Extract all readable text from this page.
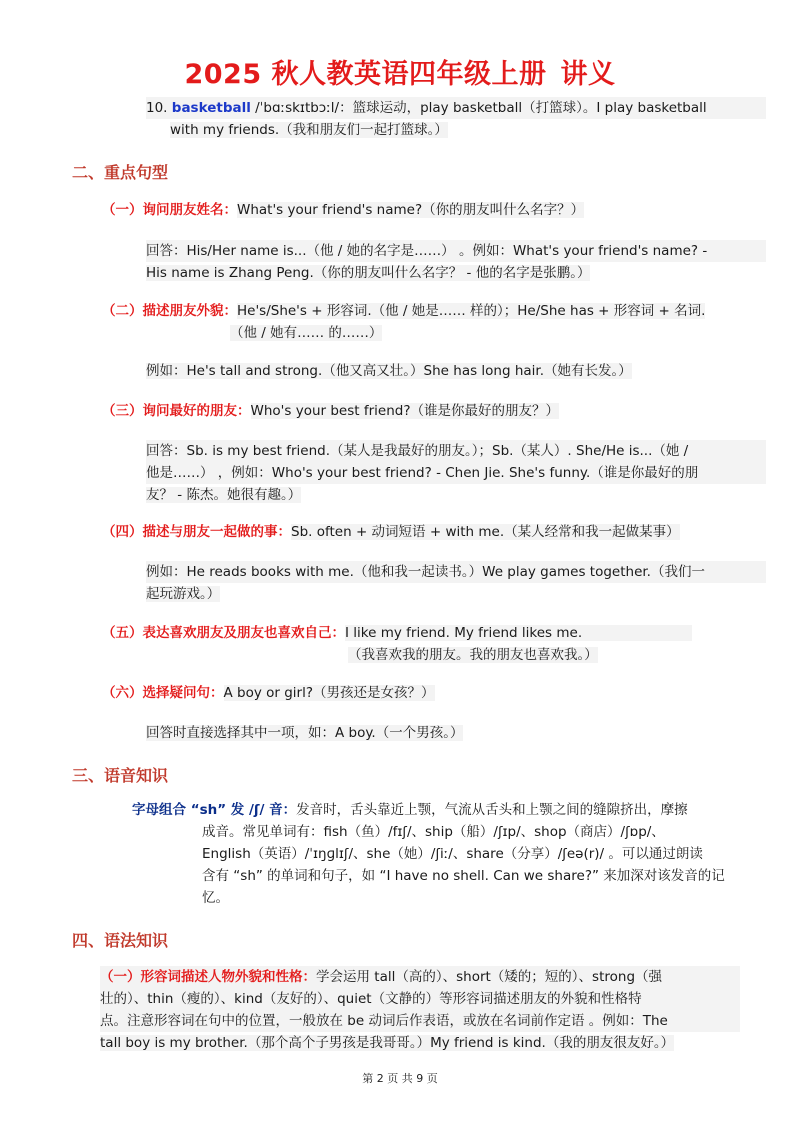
2025 秋人教英语四年级上册 讲义
10. basketball /ˈbɑːskɪtbɔːl/：篮球运动，play basketball（打篮球）。I play basketball
with my friends.（我和朋友们一起打篮球。）
二、重点句型
（一）询问朋友姓名：What's your friend's name?（你的朋友叫什么名字？）
回答：His/Her name is...（他 / 她的名字是……） 。例如：What's your friend's name? -
His name is Zhang Peng.（你的朋友叫什么名字？ - 他的名字是张鹏。）
（二）描述朋友外貌：He's/She's + 形容词.（他 / 她是…… 样的）；He/She has + 形容词 + 名词.
（他 / 她有…… 的……）
例如：He's tall and strong.（他又高又壮。）She has long hair.（她有长发。）
（三）询问最好的朋友：Who's your best friend?（谁是你最好的朋友？）
回答：Sb. is my best friend.（某人是我最好的朋友。）；Sb.（某人）. She/He is...（她 /
他是……） ，例如：Who's your best friend? - Chen Jie. She's funny.（谁是你最好的朋
友？ - 陈杰。她很有趣。）
（四）描述与朋友一起做的事：Sb. often + 动词短语 + with me.（某人经常和我一起做某事）
例如：He reads books with me.（他和我一起读书。）We play games together.（我们一
起玩游戏。）
（五）表达喜欢朋友及朋友也喜欢自己：I like my friend. My friend likes me.
（我喜欢我的朋友。我的朋友也喜欢我。）
（六）选择疑问句：A boy or girl?（男孩还是女孩？）
回答时直接选择其中一项，如：A boy.（一个男孩。）
三、语音知识
字母组合 “sh” 发 /ʃ/ 音：发音时，舌头靠近上颚，气流从舌头和上颚之间的缝隙挤出，摩擦
成音。常见单词有：fish（鱼）/fɪʃ/、ship（船）/ʃɪp/、shop（商店）/ʃɒp/、
English（英语）/ˈɪŋɡlɪʃ/、she（她）/ʃiː/、share（分享）/ʃeə(r)/ 。可以通过朗读
含有 “sh” 的单词和句子，如 “I have no shell. Can we share?” 来加深对该发音的记
忆。
四、语法知识
（一）形容词描述人物外貌和性格：学会运用 tall（高的）、short（矮的；短的）、strong（强
壮的）、thin（瘦的）、kind（友好的）、quiet（文静的）等形容词描述朋友的外貌和性格特
点。注意形容词在句中的位置，一般放在 be 动词后作表语，或放在名词前作定语 。例如：The
tall boy is my brother.（那个高个子男孩是我哥哥。）My friend is kind.（我的朋友很友好。）
第 2 页 共 9 页
